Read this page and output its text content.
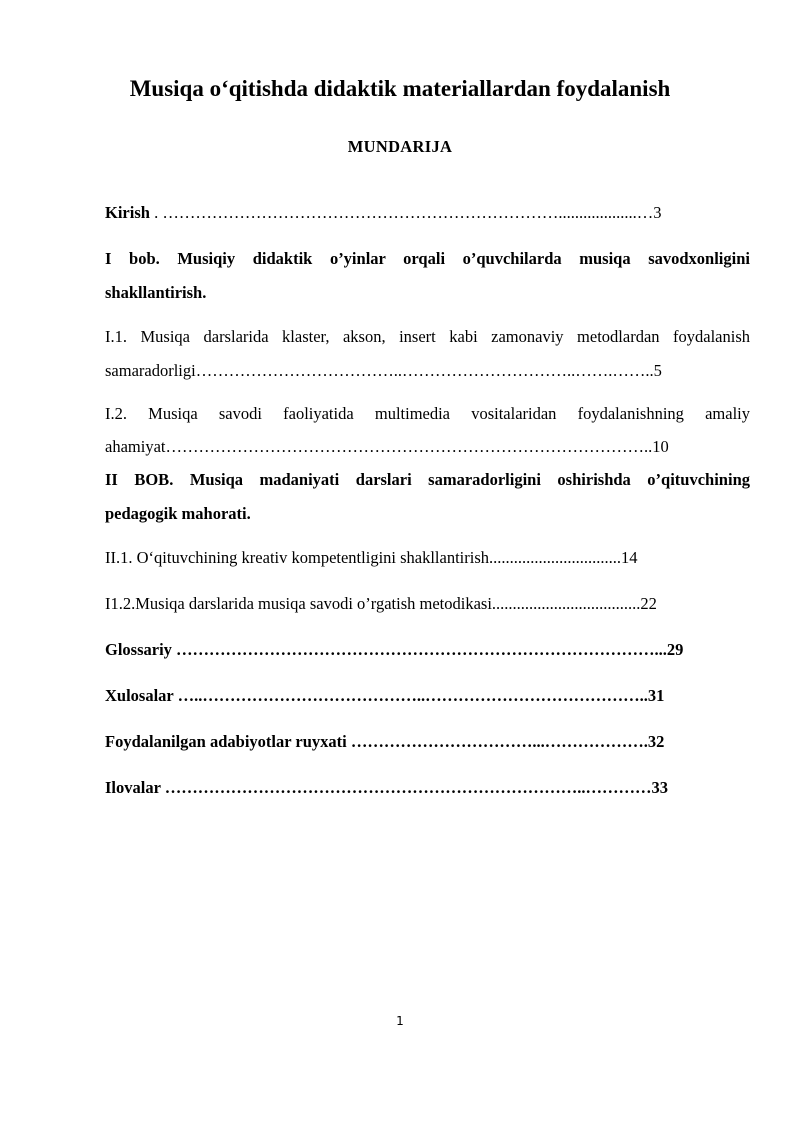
Musiqa o‘qitishda didaktik materiallardan foydalanish
MUNDARIJA
Kirish . ………………………………………………………………...................…3
I bob. Musiqiy didaktik o’yinlar orqali o’quvchilarda musiqa savodxonligini
shakllantirish.
I.1. Musiqa darslarida klaster, akson, insert kabi zamonaviy metodlardan foydalanish
samaradorligi………………………………..…………………………..…….……..5
I.2. Musiqa savodi faoliyatida multimedia vositalaridan foydalanishning amaliy
ahamiyat……………………………………………………………………………..10
II BOB. Musiqa madaniyati darslari samaradorligini oshirishda o’qituvchining
pedagogik mahorati.
II.1. O‘qituvchining kreativ kompetentligini shakllantirish................................14
I1.2.Musiqa darslarida musiqa savodi o’rgatish metodikasi....................................22
Glossariy ……………………………………………………………………………...29
Xulosalar …..…………………………………..…………………………………..31
Foydalanilgan adabiyotlar ruyxati ……………………………...……………….32
Ilovalar …………………………………………………………………..…………33
1
